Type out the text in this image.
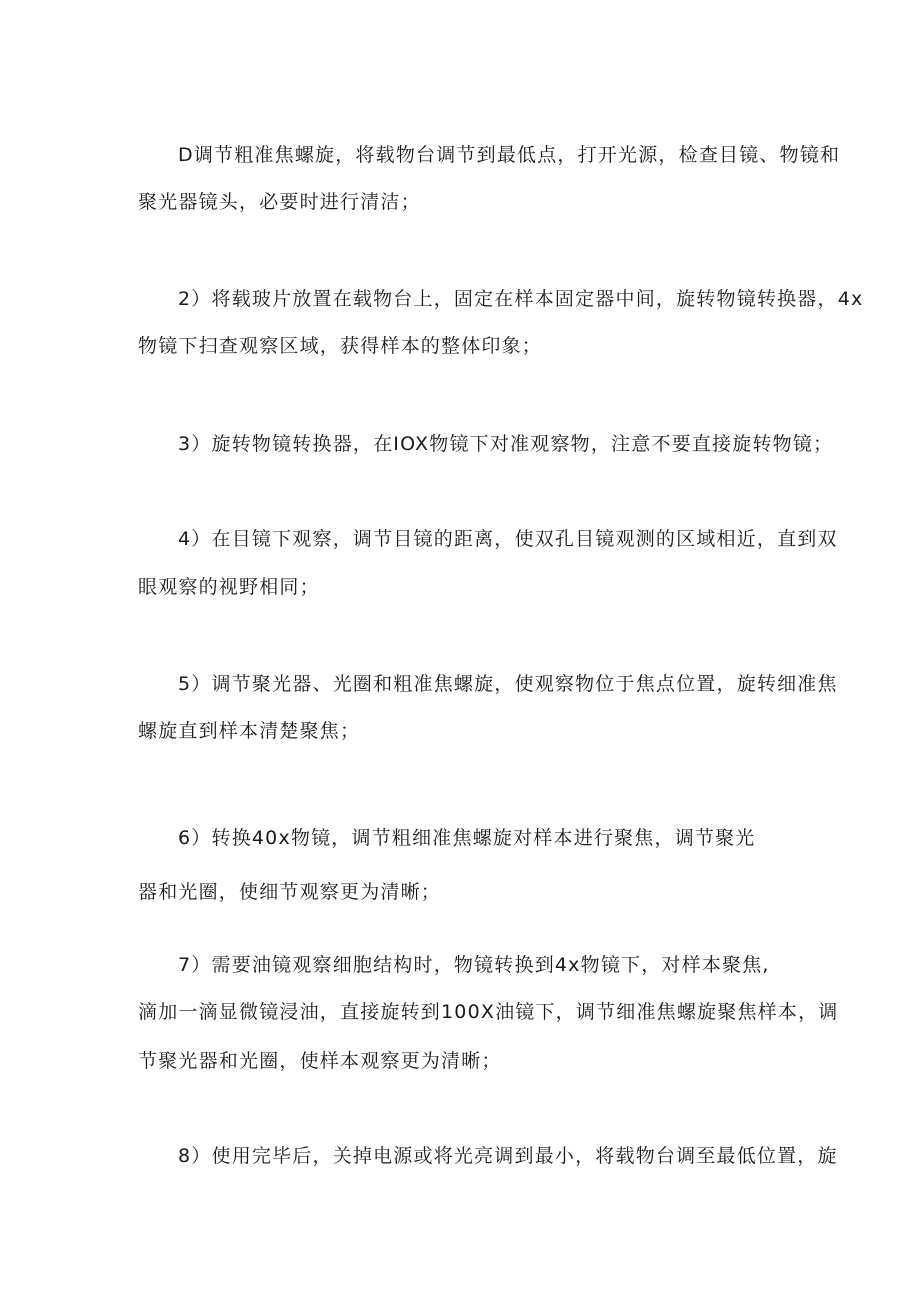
D调节粗准焦螺旋，将载物台调节到最低点，打开光源，检查目镜、物镜和
聚光器镜头，必要时进行清洁；
2）将载玻片放置在载物台上，固定在样本固定器中间，旋转物镜转换器，4x
物镜下扫查观察区域，获得样本的整体印象；
3）旋转物镜转换器，在IOX物镜下对准观察物，注意不要直接旋转物镜；
4）在目镜下观察，调节目镜的距离，使双孔目镜观测的区域相近，直到双
眼观察的视野相同；
5）调节聚光器、光圈和粗准焦螺旋，使观察物位于焦点位置，旋转细准焦
螺旋直到样本清楚聚焦；
6）转换40x物镜，调节粗细准焦螺旋对样本进行聚焦，调节聚光
器和光圈，使细节观察更为清晰；
7）需要油镜观察细胞结构时，物镜转换到4x物镜下，对样本聚焦,
滴加一滴显微镜浸油，直接旋转到100X油镜下，调节细准焦螺旋聚焦样本，调
节聚光器和光圈，使样本观察更为清晰；
8）使用完毕后，关掉电源或将光亮调到最小，将载物台调至最低位置，旋
